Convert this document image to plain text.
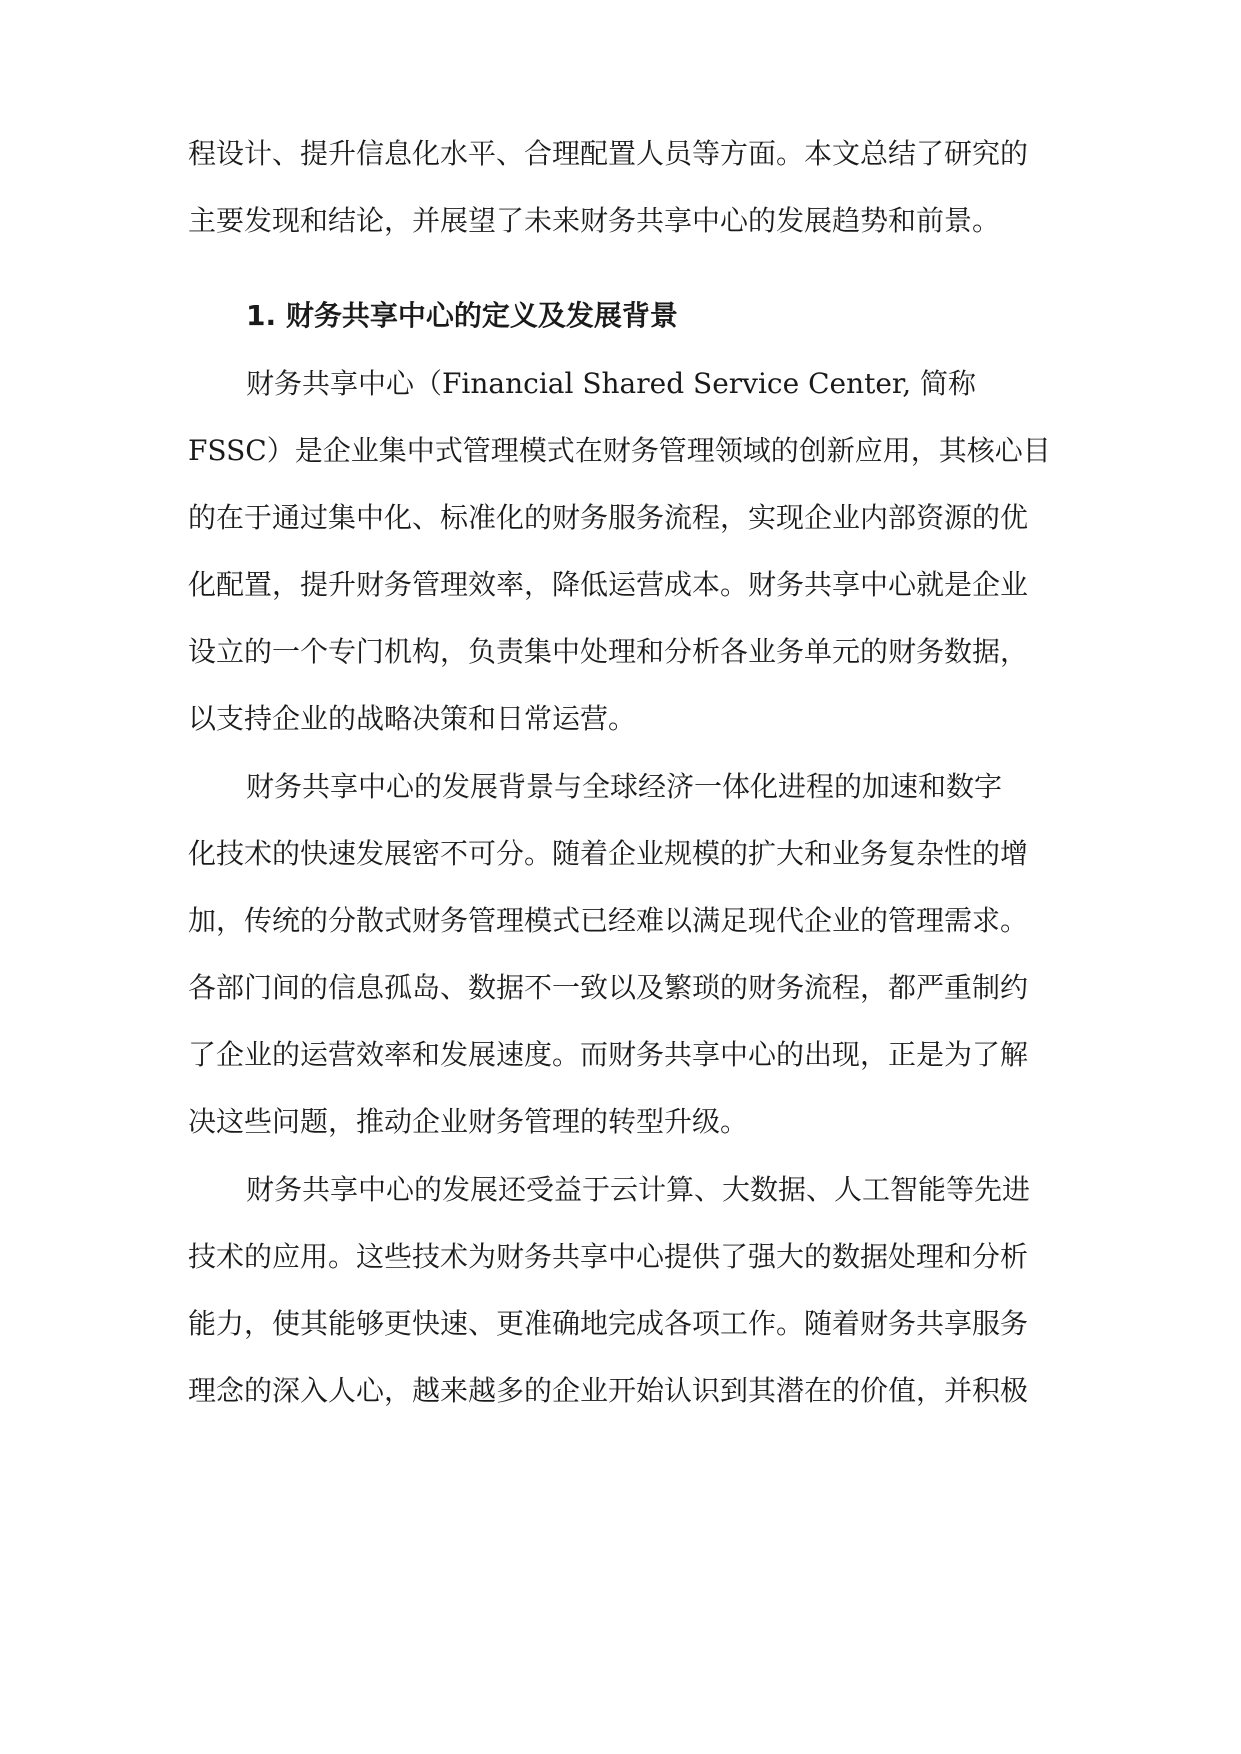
程设计、提升信息化水平、合理配置人员等方面。本文总结了研究的
主要发现和结论，并展望了未来财务共享中心的发展趋势和前景。
1. 财务共享中心的定义及发展背景
财务共享中心（Financial Shared Service Center, 简称
FSSC）是企业集中式管理模式在财务管理领域的创新应用，其核心目
的在于通过集中化、标准化的财务服务流程，实现企业内部资源的优
化配置，提升财务管理效率，降低运营成本。财务共享中心就是企业
设立的一个专门机构，负责集中处理和分析各业务单元的财务数据，
以支持企业的战略决策和日常运营。
财务共享中心的发展背景与全球经济一体化进程的加速和数字
化技术的快速发展密不可分。随着企业规模的扩大和业务复杂性的增
加，传统的分散式财务管理模式已经难以满足现代企业的管理需求。
各部门间的信息孤岛、数据不一致以及繁琐的财务流程，都严重制约
了企业的运营效率和发展速度。而财务共享中心的出现，正是为了解
决这些问题，推动企业财务管理的转型升级。
财务共享中心的发展还受益于云计算、大数据、人工智能等先进
技术的应用。这些技术为财务共享中心提供了强大的数据处理和分析
能力，使其能够更快速、更准确地完成各项工作。随着财务共享服务
理念的深入人心，越来越多的企业开始认识到其潜在的价值，并积极
